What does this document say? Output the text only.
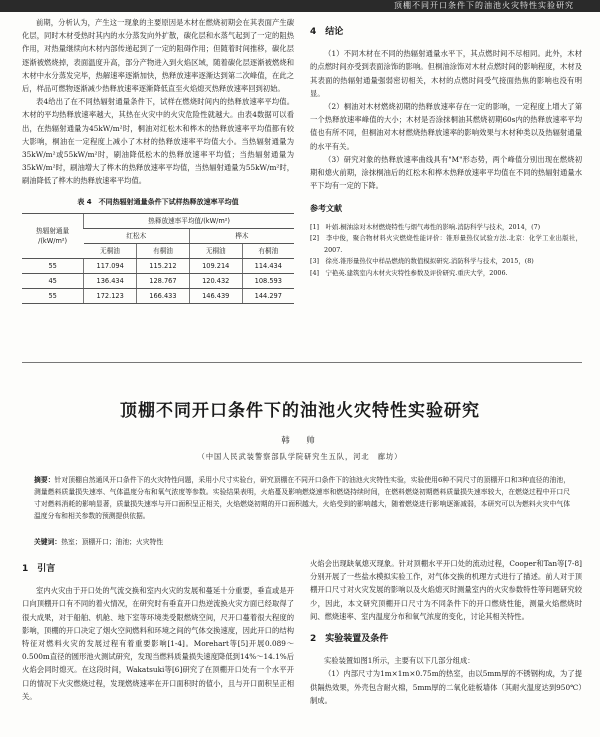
顶棚不同开口条件下的油池火灾特性实验研究

前期，分析认为，产生这一现象的主要原因是木材在燃烧初期会在其表面产生碳化层，同时木材受热时其内的水分蒸发向外扩散，碳化层和水蒸气起到了一定的阻热作用，对热量继续向木材内部传递起到了一定的阻碍作用；但随着时间推移，碳化层逐渐被燃烧掉，表面温度升高，部分产物进入到火焰区域，随着碳化层逐渐被燃烧和木材中水分蒸发完毕，热解速率逐渐加快，热释放速率逐渐达到第二次峰值，在此之后，样品可燃物逐渐减少热释放速率逐渐降低直至火焰熄灭热释放速率回到初始。

表4给出了在不同热辐射通量条件下，试样在燃烧时间内的热释放速率平均值。木材的平均热释放速率越大，其热在火灾中的火灾危险性就越大。由表4数据可以看出，在热辐射通量为45kW/m²时，桐油对红松木和桦木的热释放速率平均值都有较大影响，桐油在一定程度上减小了木材的热释放速率平均值大小。当热辐射通量为35kW/m²或55kW/m²时，刷油降低松木的热释放速率平均值；当热辐射通量为35kW/m²时，刷油增大了桦木的热释放速率平均值，当热辐射通量为55kW/m²时，刷油降低了桦木的热释放速率平均值。

表 4　不同热辐射通量条件下试样热释放速率平均值
热辐射通量
/(kW/m²)	热释放速率平均值/(kW/m²)			
	红松木		桦木	
	无桐油	有桐油	无桐油	有桐油
55	117.094	115.212	109.214	114.434
45	136.434	128.767	120.432	108.593
55	172.123	166.433	146.439	144.297
4　结论

（1）不同木材在不同的热辐射通量水平下，其点燃时间不尽相同。此外，木材的点燃时间亦受到表面涂饰的影响。但桐油涂饰对木材点燃时间的影响程度，木材及其表面的热辐射通量强弱密切相关，木材的点燃时间受气接面热焦的影响也没有明显。

（2）桐油对木材燃烧初期的热释放速率存在一定的影响，一定程度上增大了第一个热释放速率峰值的大小；木材是否涂抹桐油其燃烧初期60s内的热释放速率平均值也有所不同，但桐油对木材燃烧热释放速率的影响效果与木材种类以及热辐射通量的水平有关。

（3）研究对象的热释放速率曲线具有"M"形态势，两个峰值分别出现在燃烧初期和熄火前期，涂抹桐油后的红松木和桦木热释放速率平均值在不同的热辐射通量水平下均有一定的下降。

参考文献
[1]　叶娟.桐油涂对木材燃烧特性与烟气毒性的影响.消防科学与技术，2014，(7)
[2]　李中俊，聚合物材料火灾燃烧性能评价：锥形量热仪试验方法.北京：化学工业出版社，2007.
[3]　徐亮.锥形量热仪中样品燃烧的数值模拟研究.消防科学与技术，2015，(8)
[4]　宁艳英.建筑室内木材火灾特性参数及评价研究.重庆大学，2006.
顶棚不同开口条件下的油池火灾特性实验研究
韩　帅
（中国人民武装警察部队学院研究生五队，河北　廊坊）
摘要：针对顶棚自然通风开口条件下的火灾特性问题，采用小尺寸实验台，研究顶棚在不同开口条件下的油池火灾特性实验，实验使用6种不同尺寸的顶棚开口和3种直径的油池，测量燃料质量损失速率、气体温度分布和氧气浓度等参数。实验结果表明，火焰蔓及影响燃烧速率和燃烧持续时间，在燃料燃烧初期燃料质量损失速率较大，在燃烧过程中开口尺寸对燃料消耗的影响显著，质量损失速率与开口面积呈正相关，火焰燃烧初期的开口面积越大，火焰受到的影响越大，随着燃烧进行影响逐渐减弱，本研究可以为燃料火灾中气体温度分布和相关参数的预测提供依据。
关键词：热室；顶棚开口；油池；火灾特性
1　引言

室内火灾由于开口处的气流交换和室内火灾的发展和蔓延十分重要，垂直或是开口向顶棚开口有不同的着火情况，在研究时有垂直开口热逆流换火灾方面已经取得了很大成果，对于船舶、机舱、地下室等环境类受限燃烧空间，尺开口蔓着很大程度的影响，顶棚的开口决定了烟火空间燃料和环境之间的气体交换速度，因此开口的结构特征对燃料火灾的发展过程有着重要影响[1-4]。Morehart等[5]开展0.089～0.500m直径的圆形池火测试研究，发现当燃料质量损失速度降低到14%～14.1%后火焰会同时熄灭。在这段时间，Wakatsuki等[6]研究了在顶棚开口处有一个水平开口的情况下火灾燃烧过程，发现燃烧速率在开口面积时的值小，且与开口面积呈正相关。

火焰会出现缺氧熄灭现象。针对顶棚水平开口处的流动过程，Cooper和Tan等[7-8]分别开展了一些盐水模拟实验工作，对气体交换的机理方式进行了描述。前人对于顶棚开口尺寸对火灾发展的影响以及火焰熄灭时测量室内的火灾参数特性等问题研究较少，因此，本文研究顶棚开口尺寸为不同条件下的开口燃烧性能，测量火焰燃烧时间、燃烧速率、室内温度分布和氧气浓度的变化，讨论其相关特性。

2　实验装置及条件

实验装置如图1所示，主要有以下几部分组成：

（1）内部尺寸为1m×1m×0.75m的热室，由以5mm厚的不锈钢构成，为了提供隔热效果，外壳包含耐火棉，5mm厚的二氧化硅板墙体（其耐火温度达到950℃）制成。
